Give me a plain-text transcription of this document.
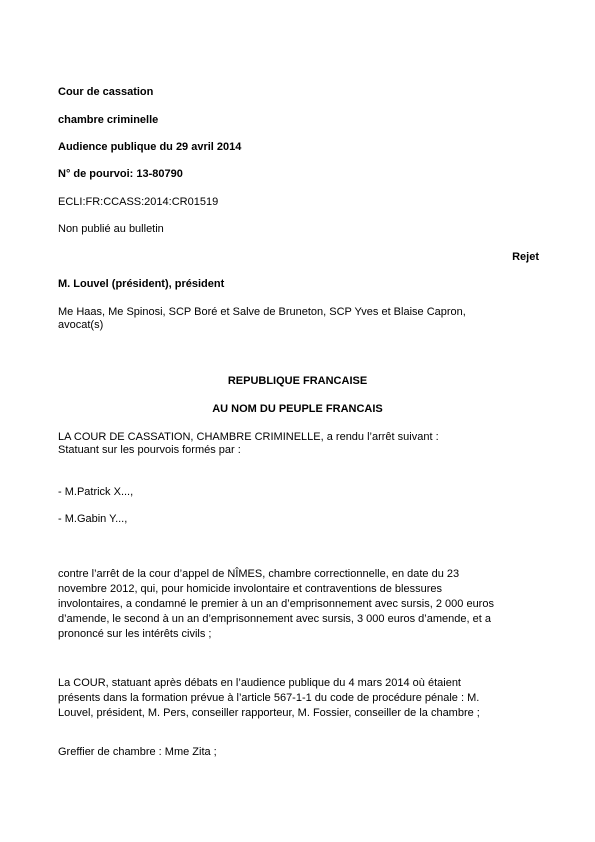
Cour de cassation
chambre criminelle
Audience publique du 29 avril 2014
N° de pourvoi: 13-80790
ECLI:FR:CCASS:2014:CR01519
Non publié au bulletin
Rejet
M. Louvel (président), président
Me Haas, Me Spinosi, SCP Boré et Salve de Bruneton, SCP Yves et Blaise Capron,
avocat(s)
REPUBLIQUE FRANCAISE
AU NOM DU PEUPLE FRANCAIS
LA COUR DE CASSATION, CHAMBRE CRIMINELLE, a rendu l’arrêt suivant :
Statuant sur les pourvois formés par :
- M.Patrick X...,
- M.Gabin Y...,
contre l’arrêt de la cour d’appel de NÎMES, chambre correctionnelle, en date du 23
novembre 2012, qui, pour homicide involontaire et contraventions de blessures
involontaires, a condamné le premier à un an d’emprisonnement avec sursis, 2 000 euros
d’amende, le second à un an d’emprisonnement avec sursis, 3 000 euros d’amende, et a
prononcé sur les intérêts civils ;
La COUR, statuant après débats en l’audience publique du 4 mars 2014 où étaient
présents dans la formation prévue à l’article 567-1-1 du code de procédure pénale : M.
Louvel, président, M. Pers, conseiller rapporteur, M. Fossier, conseiller de la chambre ;
Greffier de chambre : Mme Zita ;
